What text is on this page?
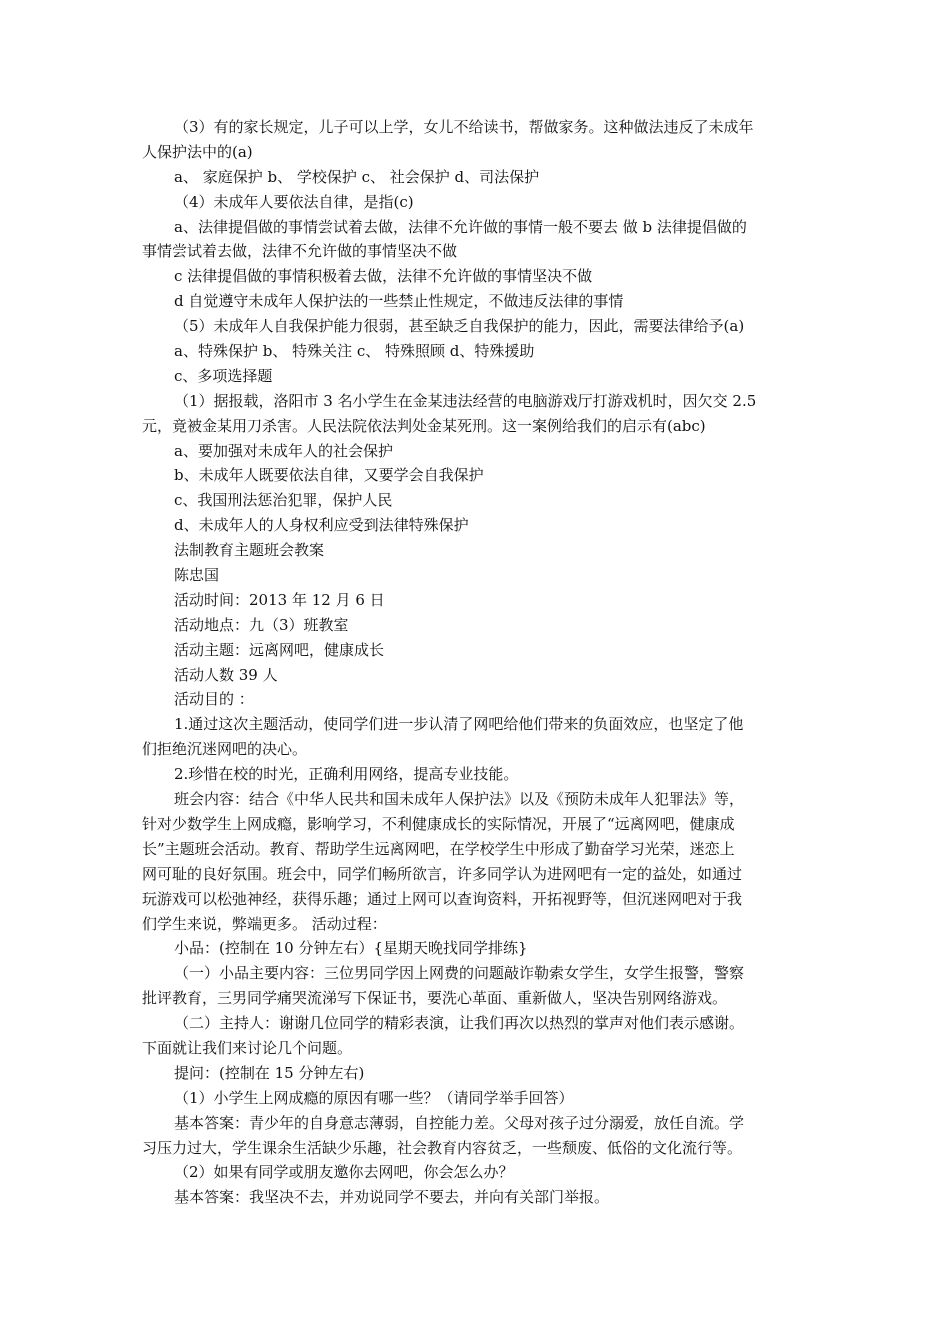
（3）有的家长规定，儿子可以上学，女儿不给读书，帮做家务。这种做法违反了未成年
人保护法中的(a)
a、 家庭保护 b、 学校保护 c、 社会保护 d、司法保护
（4）未成年人要依法自律，是指(c)
a、法律提倡做的事情尝试着去做，法律不允许做的事情一般不要去 做 b 法律提倡做的
事情尝试着去做，法律不允许做的事情坚决不做
c 法律提倡做的事情积极着去做，法律不允许做的事情坚决不做
d 自觉遵守未成年人保护法的一些禁止性规定，不做违反法律的事情
（5）未成年人自我保护能力很弱，甚至缺乏自我保护的能力，因此，需要法律给予(a)
a、特殊保护 b、 特殊关注 c、 特殊照顾 d、特殊援助
c、多项选择题
（1）据报载，洛阳市 3 名小学生在金某违法经营的电脑游戏厅打游戏机时，因欠交 2.5
元，竟被金某用刀杀害。人民法院依法判处金某死刑。这一案例给我们的启示有(abc)
a、要加强对未成年人的社会保护
b、未成年人既要依法自律，又要学会自我保护
c、我国刑法惩治犯罪，保护人民
d、未成年人的人身权利应受到法律特殊保护
法制教育主题班会教案
陈忠国
活动时间：2013 年 12 月 6 日
活动地点：九（3）班教室
活动主题：远离网吧，健康成长
活动人数 39 人
活动目的 ：
1.通过这次主题活动，使同学们进一步认清了网吧给他们带来的负面效应，也坚定了他
们拒绝沉迷网吧的决心。
2.珍惜在校的时光，正确利用网络，提高专业技能。
班会内容：结合《中华人民共和国未成年人保护法》以及《预防未成年人犯罪法》等，
针对少数学生上网成瘾，影响学习，不利健康成长的实际情况，开展了“远离网吧，健康成
长”主题班会活动。教育、帮助学生远离网吧，在学校学生中形成了勤奋学习光荣，迷恋上
网可耻的良好氛围。班会中，同学们畅所欲言，许多同学认为进网吧有一定的益处，如通过
玩游戏可以松弛神经，获得乐趣；通过上网可以查询资料，开拓视野等，但沉迷网吧对于我
们学生来说，弊端更多。 活动过程：
小品：(控制在 10 分钟左右）{星期天晚找同学排练}
（一）小品主要内容：三位男同学因上网费的问题敲诈勒索女学生，女学生报警，警察
批评教育，三男同学痛哭流涕写下保证书，要洗心革面、重新做人，坚决告别网络游戏。
（二）主持人：谢谢几位同学的精彩表演，让我们再次以热烈的掌声对他们表示感谢。
下面就让我们来讨论几个问题。
提问：(控制在 15 分钟左右)
（1）小学生上网成瘾的原因有哪一些？（请同学举手回答）
基本答案：青少年的自身意志薄弱，自控能力差。父母对孩子过分溺爱，放任自流。学
习压力过大，学生课余生活缺少乐趣，社会教育内容贫乏，一些颓废、低俗的文化流行等。
（2）如果有同学或朋友邀你去网吧，你会怎么办？
基本答案：我坚决不去，并劝说同学不要去，并向有关部门举报。
